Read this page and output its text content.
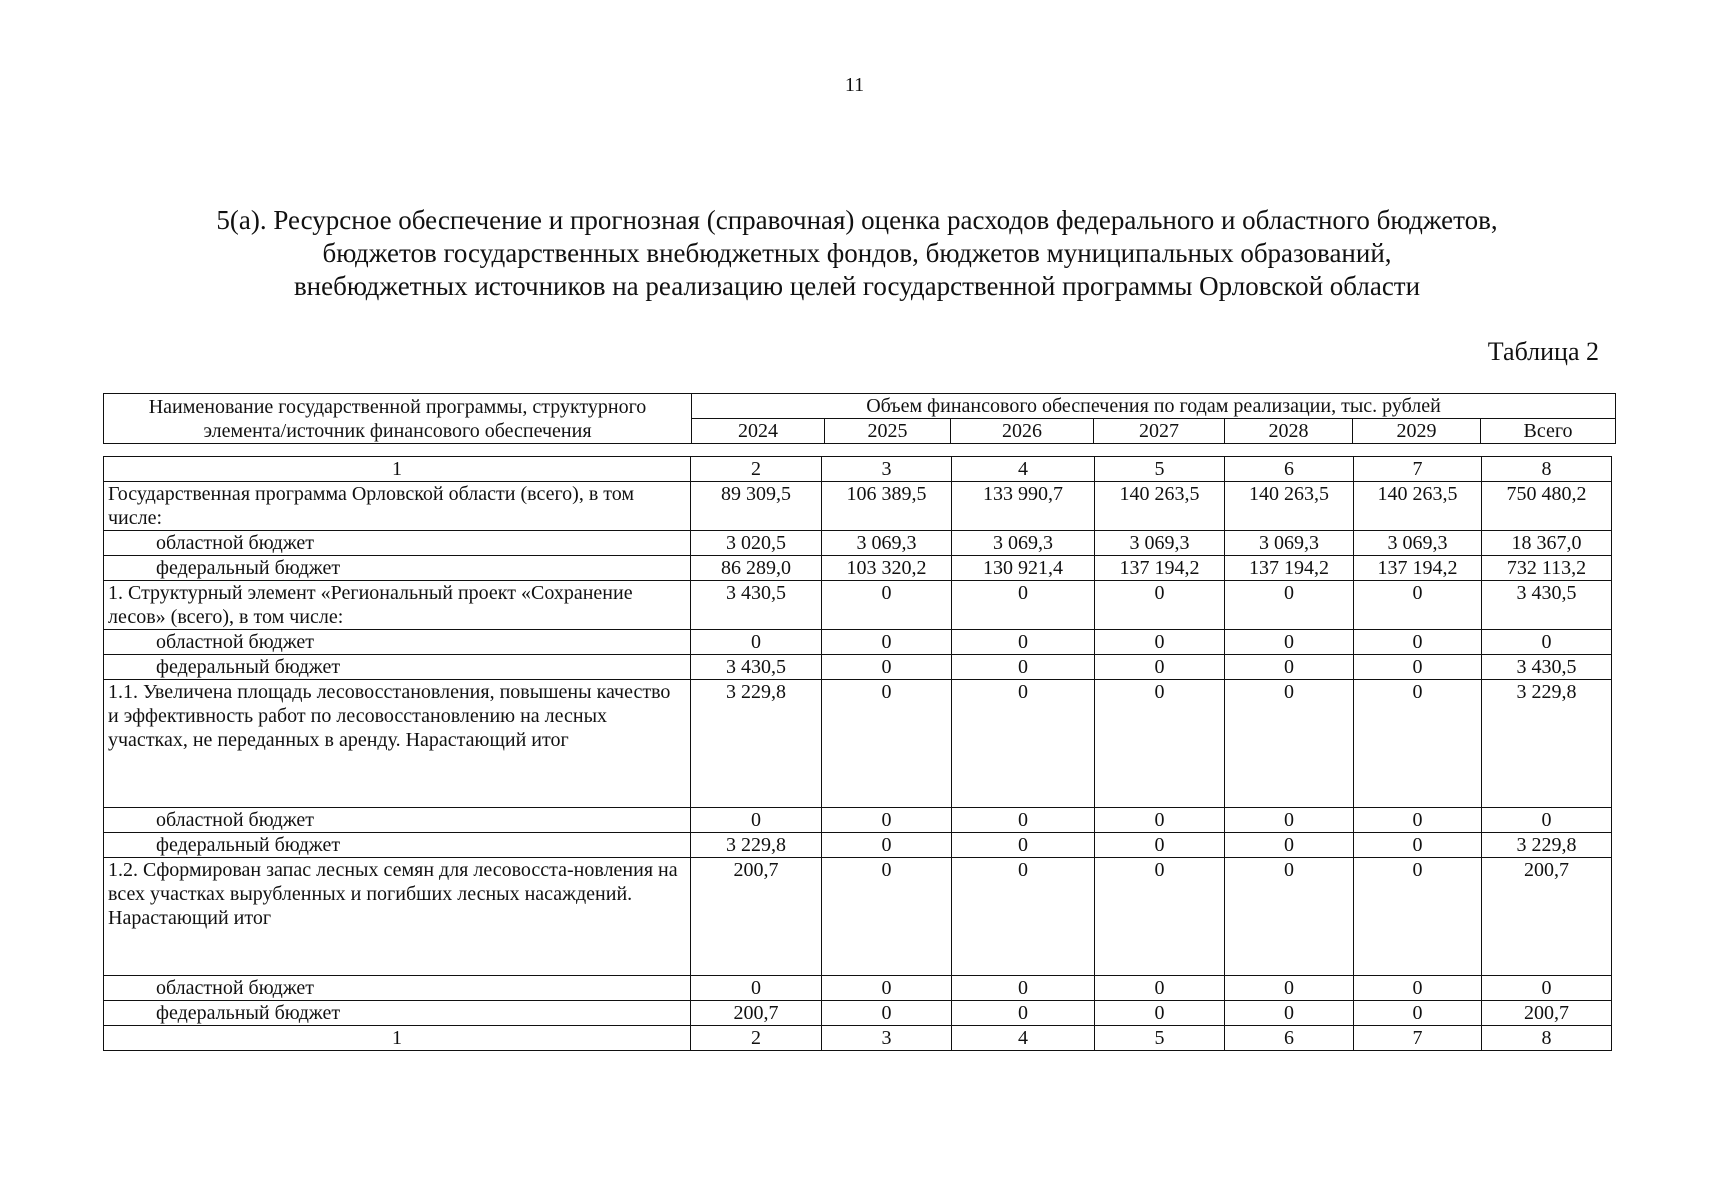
11
5(а). Ресурсное обеспечение и прогнозная (справочная) оценка расходов федерального и областного бюджетов,
бюджетов государственных внебюджетных фондов, бюджетов муниципальных образований,
внебюджетных источников на реализацию целей государственной программы Орловской области
Таблица 2
Наименование государственной программы, структурного элемента/источник финансового обеспечения	Объем финансового обеспечения по годам реализации, тыс. рублей						
	2024	2025	2026	2027	2028	2029	Всего
1	2	3	4	5	6	7	8
Государственная программа Орловской области (всего), в том числе:	89 309,5	106 389,5	133 990,7	140 263,5	140 263,5	140 263,5	750 480,2
областной бюджет	3 020,5	3 069,3	3 069,3	3 069,3	3 069,3	3 069,3	18 367,0
федеральный бюджет	86 289,0	103 320,2	130 921,4	137 194,2	137 194,2	137 194,2	732 113,2
1. Структурный элемент «Региональный проект «Сохранение лесов» (всего), в том числе:	3 430,5	0	0	0	0	0	3 430,5
областной бюджет	0	0	0	0	0	0	0
федеральный бюджет	3 430,5	0	0	0	0	0	3 430,5
1.1. Увеличена площадь лесовосстановления, повышены качество и эффективность работ по лесовосстановлению на лесных участках, не переданных в аренду. Нарастающий итог	3 229,8	0	0	0	0	0	3 229,8
областной бюджет	0	0	0	0	0	0	0
федеральный бюджет	3 229,8	0	0	0	0	0	3 229,8
1.2. Сформирован запас лесных семян для лесовосста-новления на всех участках вырубленных и погибших лесных насаждений. Нарастающий итог	200,7	0	0	0	0	0	200,7
областной бюджет	0	0	0	0	0	0	0
федеральный бюджет	200,7	0	0	0	0	0	200,7
1	2	3	4	5	6	7	8
